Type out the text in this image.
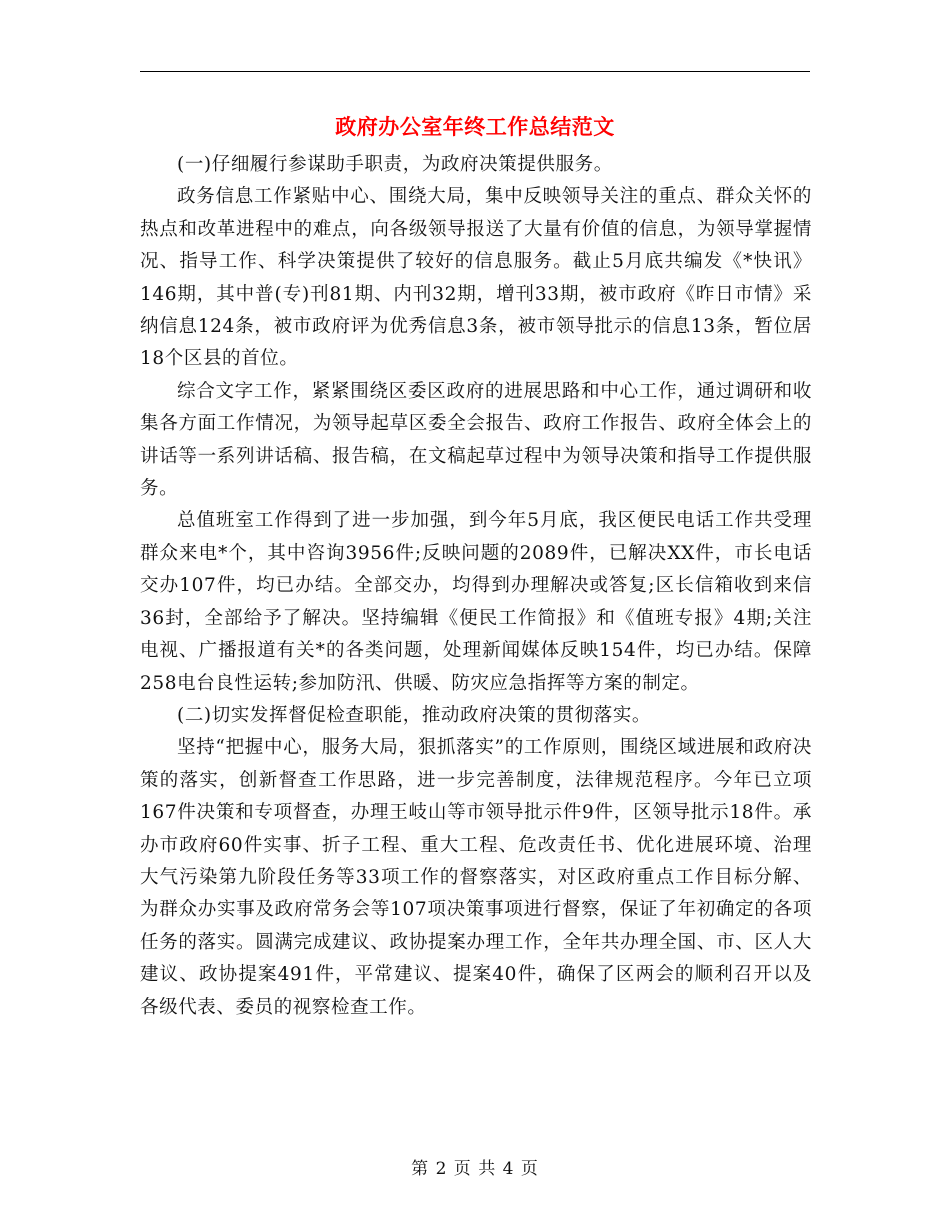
政府办公室年终工作总结范文

(一)仔细履行参谋助手职责，为政府决策提供服务。

政务信息工作紧贴中心、围绕大局，集中反映领导关注的重点、群众关怀的热点和改革进程中的难点，向各级领导报送了大量有价值的信息，为领导掌握情况、指导工作、科学决策提供了较好的信息服务。截止5月底共编发《*快讯》146期，其中普(专)刊81期、内刊32期，增刊33期，被市政府《昨日市情》采纳信息124条，被市政府评为优秀信息3条，被市领导批示的信息13条，暂位居18个区县的首位。

综合文字工作，紧紧围绕区委区政府的进展思路和中心工作，通过调研和收集各方面工作情况，为领导起草区委全会报告、政府工作报告、政府全体会上的讲话等一系列讲话稿、报告稿，在文稿起草过程中为领导决策和指导工作提供服务。

总值班室工作得到了进一步加强，到今年5月底，我区便民电话工作共受理群众来电*个，其中咨询3956件;反映问题的2089件，已解决XX件，市长电话交办107件，均已办结。全部交办，均得到办理解决或答复;区长信箱收到来信36封，全部给予了解决。坚持编辑《便民工作简报》和《值班专报》4期;关注电视、广播报道有关*的各类问题，处理新闻媒体反映154件，均已办结。保障258电台良性运转;参加防汛、供暖、防灾应急指挥等方案的制定。

(二)切实发挥督促检查职能，推动政府决策的贯彻落实。

坚持“把握中心，服务大局，狠抓落实”的工作原则，围绕区域进展和政府决策的落实，创新督查工作思路，进一步完善制度，法律规范程序。今年已立项167件决策和专项督查，办理王岐山等市领导批示件9件，区领导批示18件。承办市政府60件实事、折子工程、重大工程、危改责任书、优化进展环境、治理大气污染第九阶段任务等33项工作的督察落实，对区政府重点工作目标分解、为群众办实事及政府常务会等107项决策事项进行督察，保证了年初确定的各项任务的落实。圆满完成建议、政协提案办理工作，全年共办理全国、市、区人大建议、政协提案491件，平常建议、提案40件，确保了区两会的顺利召开以及各级代表、委员的视察检查工作。

第 2 页 共 4 页
